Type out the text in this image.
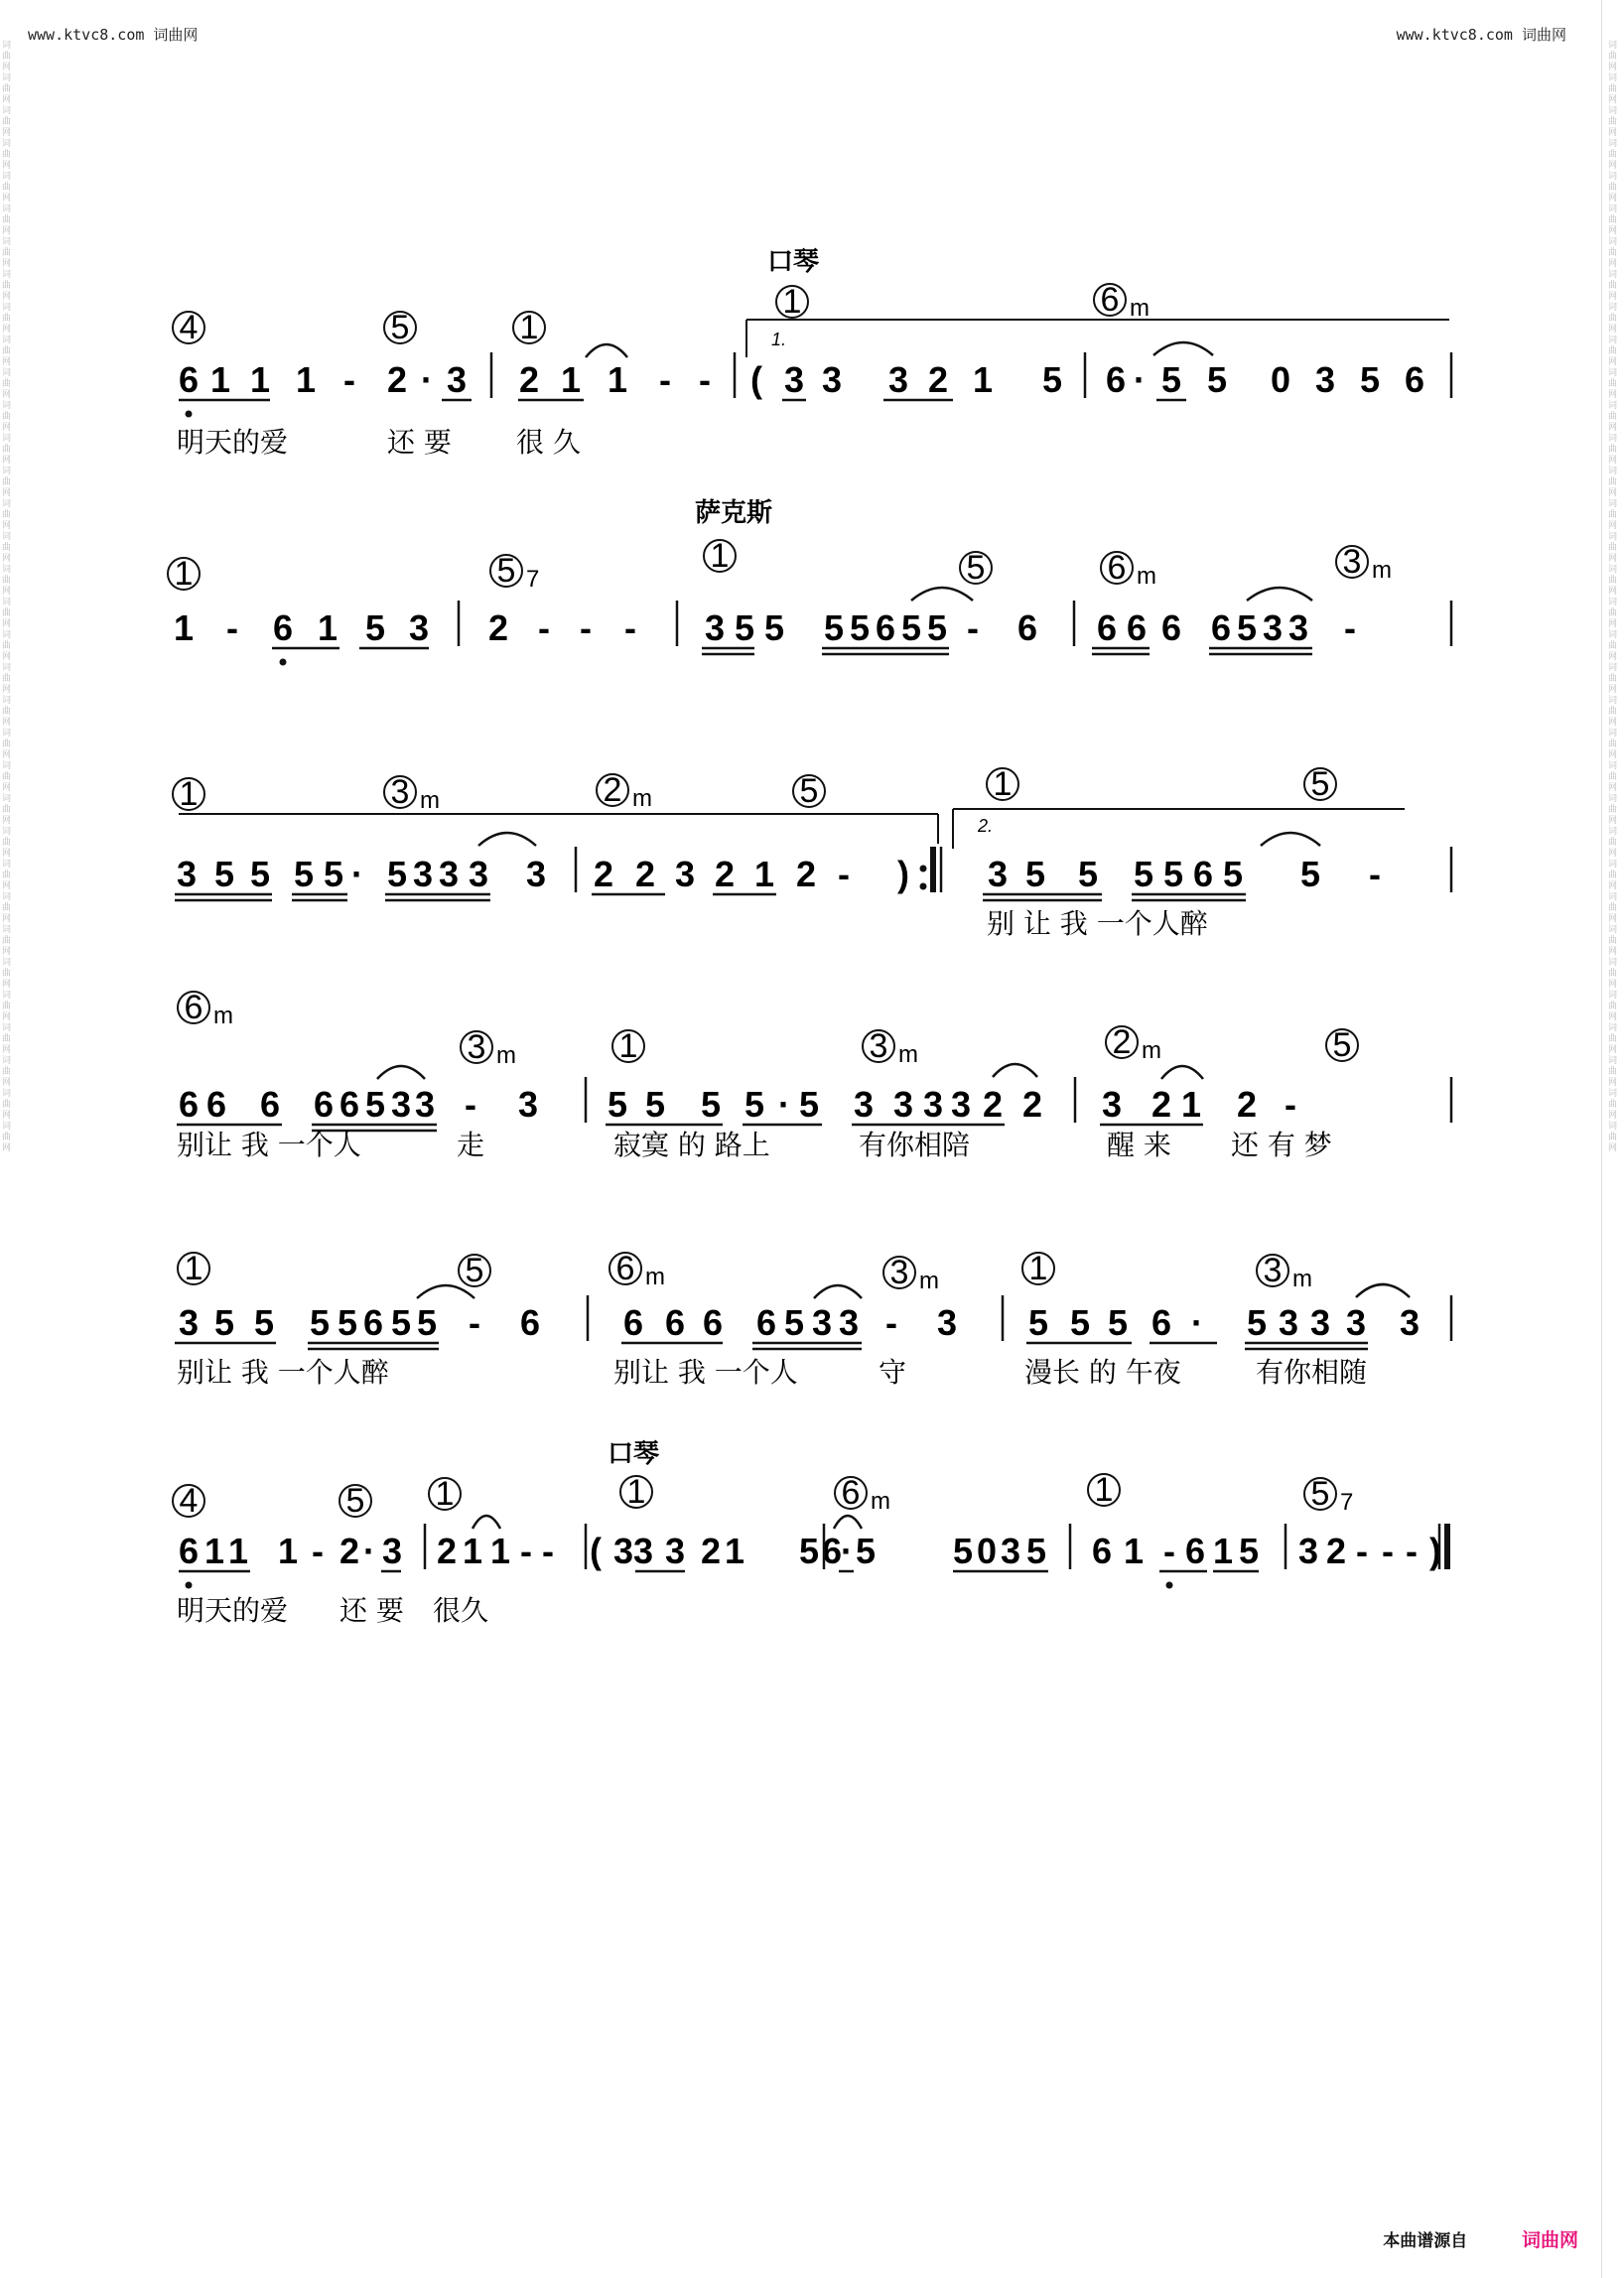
www.ktvc8.com 词曲网	www.ktvc8.com 词曲网
词曲网词曲网词曲网词曲网词曲网词曲网词曲网词曲网词曲网词曲网词曲网词曲网词曲网词曲网词曲网词曲网词曲网词曲网词曲网词曲网词曲网词曲网词曲网词曲网词曲网词曲网词曲网词曲网词曲网词曲网词曲网词曲网词曲网词曲网
词曲网词曲网词曲网词曲网词曲网词曲网词曲网词曲网词曲网词曲网词曲网词曲网词曲网词曲网词曲网词曲网词曲网词曲网词曲网词曲网词曲网词曲网词曲网词曲网词曲网词曲网词曲网词曲网词曲网词曲网词曲网词曲网词曲网词曲网
4	5	1
1	6 m
口琴
1.
6 1 1 1 - 2 · 3 2 1 1 - - ( 3 3 3 2 1 5 6 · 5 5 0 3 5 6
明天的爱	还 要 很 久
萨克斯
1	5 7
1	5	6 m	3 m
1 - 6 1 5 3 2 - - - 3 5 5 5 5 6 5 5 - 6 6 6 6 6 5 3 3 -
1	3 m	2 m	5	1	5
2.
3 5 5 5 5 · 5 3 3 3 3 2 2 3 2 1 2 - ) 3 5 5 5 5 6 5 5 -
别 让 我 一个人醉
6 m
3 m	1	3 m	2 m	5
6 6 6 6 6 5 3 3 - 3 5 5 5 5 · 5 3 3 3 3 2 2 3 2 1 2 -
别让 我 一个人	走	寂寞 的 路上	有你相陪	醒 来 还 有 梦
1	5	6 m	3 m	1	3 m
3 5 5 5 5 6 5 5 - 6 6 6 6 6 5 3 3 - 3 5 5 5 6 · 5 3 3 3 3
别让 我 一个人醉	别让 我 一个人	守	漫长 的 午夜	有你相随
口琴
4	5 1	1	6 m	1	5 7
6 1 1 1 - 2 · 3 2 1 1 - - ( 3 3 3 2 1 5 6
· 5 5 0 3 5 6 1 - 6 1 5 3 2 - - - )
明天的爱 还 要 很久
本曲谱源自	词曲网
